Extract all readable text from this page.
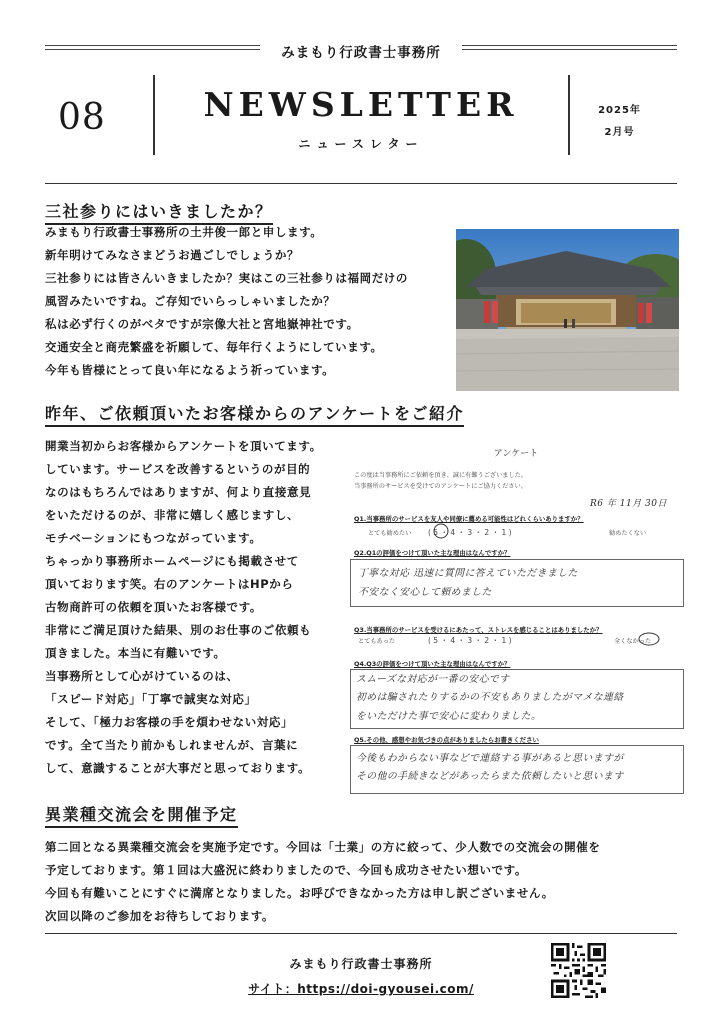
みまもり行政書士事務所
08	NEWSLETTER
ニュースレター
2025年
2月号
三社参りにはいきましたか？
みまもり行政書士事務所の土井俊一郎と申します。
新年明けてみなさまどうお過ごしでしょうか？
三社参りには皆さんいきましたか？実はこの三社参りは福岡だけの
風習みたいですね。ご存知でいらっしゃいましたか？
私は必ず行くのがベタですが宗像大社と宮地嶽神社です。
交通安全と商売繁盛を祈願して、毎年行くようにしています。
今年も皆様にとって良い年になるよう祈っています。
昨年、ご依頼頂いたお客様からのアンケートをご紹介
開業当初からお客様からアンケートを頂いてます。
しています。サービスを改善するというのが目的
なのはもちろんではありますが、何より直接意見
をいただけるのが、非常に嬉しく感じますし、
モチベーションにもつながっています。
ちゃっかり事務所ホームページにも掲載させて
頂いております笑。右のアンケートはHPから
古物商許可の依頼を頂いたお客様です。
非常にご満足頂けた結果、別のお仕事のご依頼も
頂きました。本当に有難いです。
当事務所として心がけているのは、
「スピード対応」「丁寧で誠実な対応」
そして、「極力お客様の手を煩わせない対応」
です。全て当たり前かもしれませんが、言葉に
して、意識することが大事だと思っております。
アンケート
この度は当事務所にご依頼を頂き、誠に有難うございました。
当事務所のサービスを受けてのアンケートにご協力ください。
R6 年 11月 30日
Q1.当事務所のサービスを友人や同僚に薦める可能性はどれくらいありますか？
とても勧めたい ( 5 ・ 4 ・ 3 ・ 2 ・ 1 )	勧めたくない
Q2.Q1の評価をつけて頂いた主な理由はなんですか？
丁寧な対応 迅速に質問に答えていただきました
不安なく安心して頼めました
Q3.当事務所のサービスを受けるにあたって、ストレスを感じることはありましたか？
とてもあった	( 5 ・ 4 ・ 3 ・ 2 ・ 1 )	全くなかった
Q4.Q3の評価をつけて頂いた主な理由はなんですか？
スムーズな対応が一番の安心です
初めは騙されたりするかの不安もありましたがマメな連絡
をいただけた事で安心に変わりました。
Q5.その他、感想やお気づきの点がありましたらお書きください
今後もわからない事などで連絡する事があると思いますが
その他の手続きなどがあったらまた依頼したいと思います
異業種交流会を開催予定
第二回となる異業種交流会を実施予定です。今回は「士業」の方に絞って、少人数での交流会の開催を
予定しております。第１回は大盛況に終わりましたので、今回も成功させたい想いです。
今回も有難いことにすぐに満席となりました。お呼びできなかった方は申し訳ございません。
次回以降のご参加をお待ちしております。
みまもり行政書士事務所
サイト：https://doi-gyousei.com/
